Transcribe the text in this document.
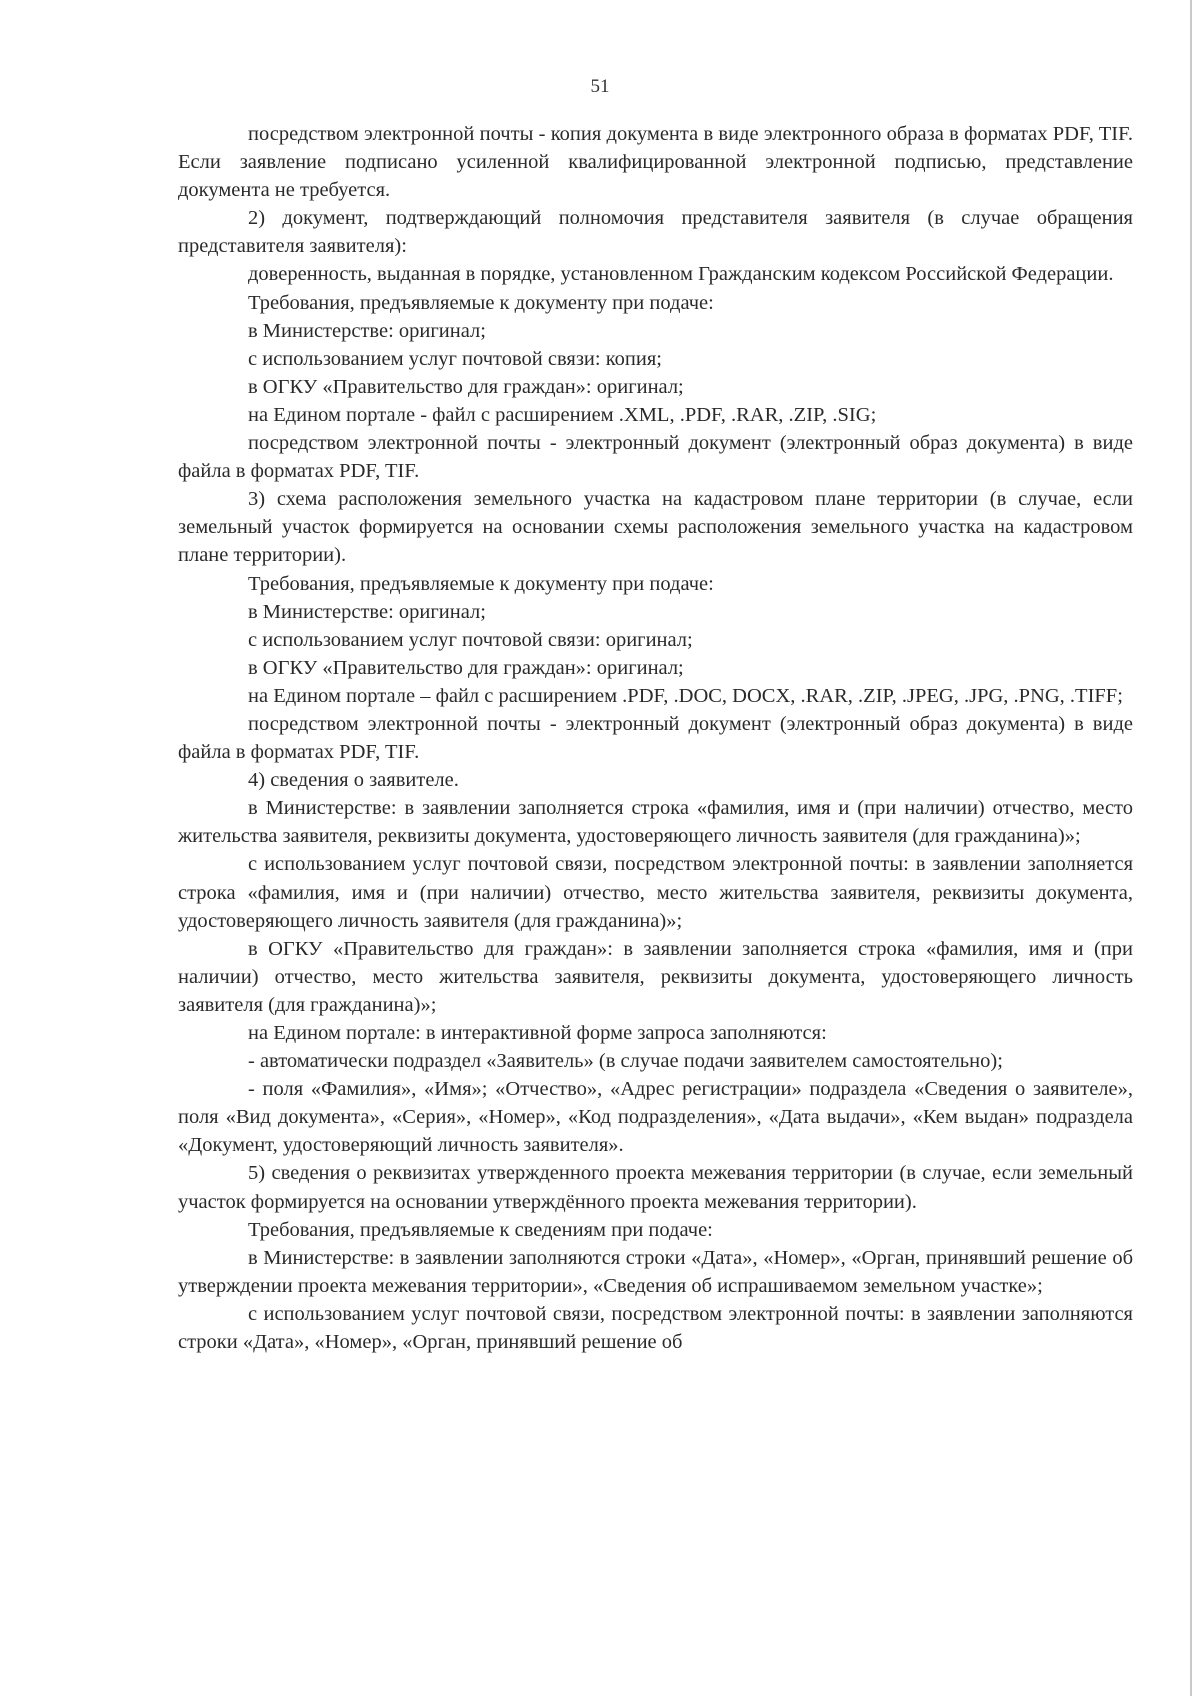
51

посредством электронной почты - копия документа в виде электронного образа в форматах PDF, TIF. Если заявление подписано усиленной квалифицированной электронной подписью, представление документа не требуется.

2) документ, подтверждающий полномочия представителя заявителя (в случае обращения представителя заявителя):

доверенность, выданная в порядке, установленном Гражданским кодексом Российской Федерации.

Требования, предъявляемые к документу при подаче:

в Министерстве: оригинал;

с использованием услуг почтовой связи: копия;

в ОГКУ «Правительство для граждан»: оригинал;

на Едином портале - файл с расширением .XML, .PDF, .RAR, .ZIP, .SIG;

посредством электронной почты - электронный документ (электронный образ документа) в виде файла в форматах PDF, TIF.

3) схема расположения земельного участка на кадастровом плане территории (в случае, если земельный участок формируется на основании схемы расположения земельного участка на кадастровом плане территории).

Требования, предъявляемые к документу при подаче:

в Министерстве: оригинал;

с использованием услуг почтовой связи: оригинал;

в ОГКУ «Правительство для граждан»: оригинал;

на Едином портале – файл с расширением .PDF, .DOC, DOCX, .RAR, .ZIP, .JPEG, .JPG, .PNG, .TIFF;

посредством электронной почты - электронный документ (электронный образ документа) в виде файла в форматах PDF, TIF.

4) сведения о заявителе.

в Министерстве: в заявлении заполняется строка «фамилия, имя и (при наличии) отчество, место жительства заявителя, реквизиты документа, удостоверяющего личность заявителя (для гражданина)»;

с использованием услуг почтовой связи, посредством электронной почты: в заявлении заполняется строка «фамилия, имя и (при наличии) отчество, место жительства заявителя, реквизиты документа, удостоверяющего личность заявителя (для гражданина)»;

в ОГКУ «Правительство для граждан»: в заявлении заполняется строка «фамилия, имя и (при наличии) отчество, место жительства заявителя, реквизиты документа, удостоверяющего личность заявителя (для гражданина)»;

на Едином портале: в интерактивной форме запроса заполняются:

- автоматически подраздел «Заявитель» (в случае подачи заявителем самостоятельно);

- поля «Фамилия», «Имя»; «Отчество», «Адрес регистрации» подраздела «Сведения о заявителе», поля «Вид документа», «Серия», «Номер», «Код подразделения», «Дата выдачи», «Кем выдан» подраздела «Документ, удостоверяющий личность заявителя».

5) сведения о реквизитах утвержденного проекта межевания территории (в случае, если земельный участок формируется на основании утверждённого проекта межевания территории).

Требования, предъявляемые к сведениям при подаче:

в Министерстве: в заявлении заполняются строки «Дата», «Номер», «Орган, принявший решение об утверждении проекта межевания территории», «Сведения об испрашиваемом земельном участке»;

с использованием услуг почтовой связи, посредством электронной почты: в заявлении заполняются строки «Дата», «Номер», «Орган, принявший решение об
